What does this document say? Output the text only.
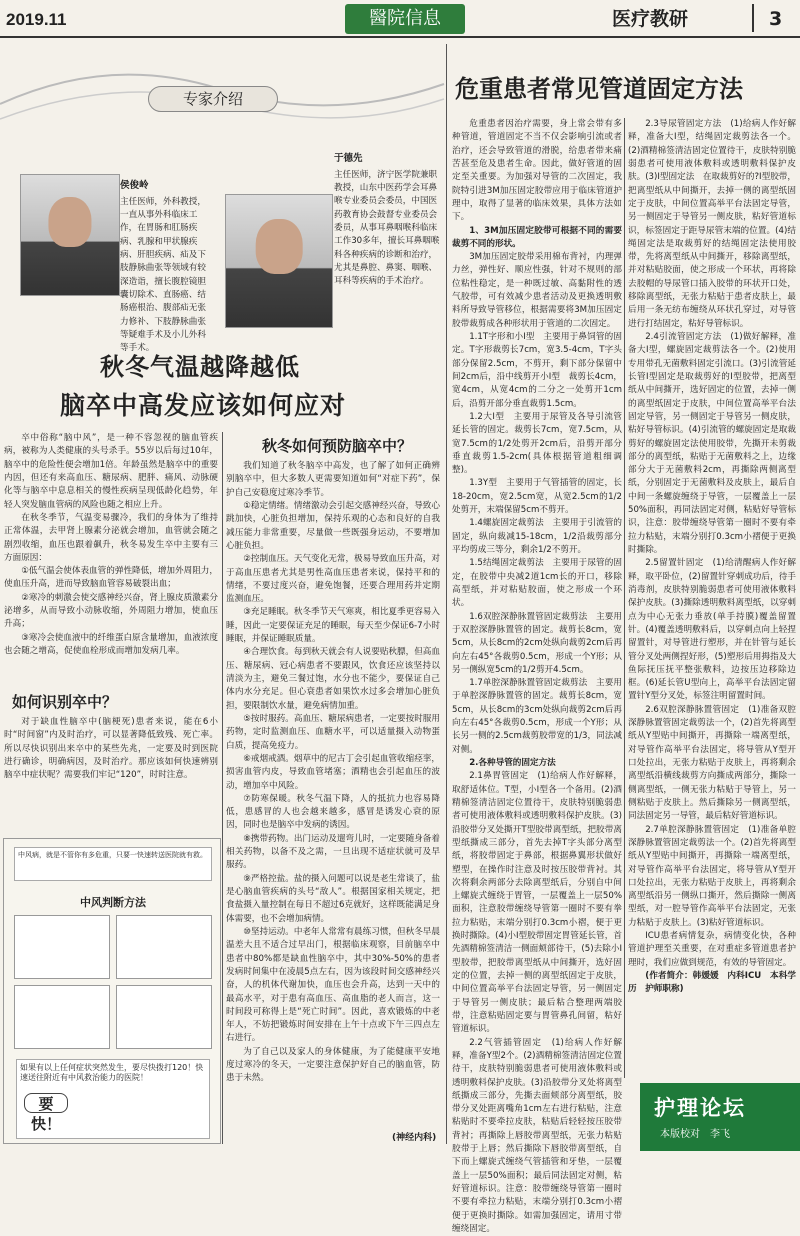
2019.11	醫院信息	医疗教研	3
专家介绍
侯俊岭
主任医师，外科教授，一直从事外科临床工作，在胃肠和肛肠疾病、乳腺和甲状腺疾病、肝胆疾病、疝及下肢静脉曲张等领域有较深造诣，擅长腹腔镜胆囊切除术、直肠癌、结肠癌根治、腹部疝无张力修补、下肢静脉曲张等疑难手术及小儿外科等手术。
于德先
主任医师，济宁医学院兼职教授，山东中医药学会耳鼻喉专业委员会委员，中国医药教育协会鼓督专业委员会委员，从事耳鼻咽喉科临床工作30多年，擅长耳鼻咽喉科各种疾病的诊断和治疗，尤其是鼻腔、鼻窦、咽喉、耳科等疾病的手术治疗。
秋冬气温越降越低
脑卒中高发应该如何应对

卒中俗称“脑中风”，是一种不容忽视的脑血管疾病，被称为人类健康的头号杀手。55岁以后每过10年，脑卒中的危险性便会增加1倍。年龄虽然是脑卒中的重要内因，但还有来高血压、糖尿病、肥胖、痛风、动脉硬化等与脑卒中息息相关的慢性疾病呈现低龄化趋势，年轻人突发脑血管病的风险也随之相应上升。

在秋冬季节，气温变易骤冷，我们的身体为了维持正常体温，去甲肾上腺素分泌就会增加，血管就会随之剧烈收缩，血压也跟着飙升，秋冬易发生卒中主要有三方面原因：

①低气温会使体表血管的弹性降低，增加外周阻力，使血压升高，进而导致脑血管容易破裂出血；

②寒冷的刺激会使交感神经兴奋，肾上腺皮质激素分泌增多，从而导致小动脉收缩，外周阻力增加，使血压升高；

③寒冷会使血液中的纤维蛋白原含量增加，血液浓度也会随之增高，促使血栓形成而增加发病几率。

如何识别卒中？

对于缺血性脑卒中(脑梗死)患者来说，能在6小时“时间窗”内及时治疗，可以显著降低致残、死亡率。所以尽快识别出来卒中的某些先兆，一定要及时到医院进行确诊，明确病因，及时治疗。那应该如何快速辨别脑卒中症状呢？需要我们牢记“120”，时时注意。

中风病，就是不管你有多危重，只要一快速转送医院就有救。
中风判断方法
如果有以上任何症状突然发生，要尽快拨打120！快速送往附近有中风救治能力的医院！
要快！
秋冬如何预防脑卒中？

我们知道了秋冬脑卒中高发，也了解了如何正确辨别脑卒中，但大多数人更需要知道如何“对症下药”，保护自己安稳度过寒冷季节。

①稳定情绪。情绪激动会引起交感神经兴奋，导致心跳加快，心脏负担增加，保持乐观的心态和良好的自我减压能力非常重要，尽量做一些既强身运动，不要增加心脏负担。

②控制血压。天气变化无常，极易导致血压升高，对于高血压患者尤其是男性高血压患者来说，保持平和的情绪，不要过度兴奋，避免饱餐，还要合理用药并定期监测血压。

③充足睡眠。秋冬季节天气寒爽，相比夏季更容易入睡，因此一定要保证充足的睡眠，每天至少保证6-7小时睡眠，并保证睡眠质量。

④合理饮食。每到秋天就会有人说要贴秋膘，但高血压、糖尿病、冠心病患者不要跟风，饮食还应该坚持以清淡为主，避免三餐过饱，水分也不能少，要保证自己体内水分充足。但心衰患者如果饮水过多会增加心脏负担，要限制饮水量，避免病情加重。

⑤按时服药。高血压、糖尿病患者，一定要按时服用药物，定时监测血压、血糖水平，可以适量摄入动物蛋白质，提高免疫力。

⑥戒烟戒酒。烟草中的尼古丁会引起血管收缩痉挛，损害血管内皮，导致血管堵塞；酒精也会引起血压的波动，增加卒中风险。

⑦防寒保暖。秋冬气温下降，人的抵抗力也容易降低，患感冒的人也会越来越多，感冒是诱发心衰的原因，同时也是脑卒中发病的诱因。

⑧携带药物。出门运动及遛弯儿时，一定要随身备着相关药物，以备不及之需，一旦出现不适症状就可及早服药。

⑨严格控盐。盐的摄入问题可以说是老生常谈了，盐是心脑血管疾病的头号“敌人”。根据国家相关规定，把食盐摄入量控制在每日不超过6克就好，这样既能满足身体需要，也不会增加病情。

⑩坚持运动。中老年人常常有晨练习惯，但秋冬早晨温差大且不适合过早出门，根据临床观察，目前脑卒中患者中80%都是缺血性脑卒中，其中30%-50%的患者发病时间集中在凌晨5点左右，因为该段时间交感神经兴奋，人的机体代谢加快，血压也会升高，达到一天中的最高水平，对于患有高血压、高血脂的老人而言，这一时间段可称得上是“死亡时间”。因此，喜欢锻炼的中老年人，不妨把锻炼时间安排在上午十点或下午三四点左右进行。

为了自己以及家人的身体健康，为了能健康平安地度过寒冷的冬天，一定要注意保护好自己的脑血管，防患于未然。

(神经内科)
危重患者常见管道固定方法

危重患者因治疗需要，身上常会带有多种管道，管道固定不当不仅会影响引流或者治疗，还会导致管道的滑脱，给患者带来痛苦甚至危及患者生命。因此，做好管道的固定至关重要。为加强对导管的二次固定，我院特引进3M加压固定胶带应用于临床管道护理中，取得了显著的临床效果，具体方法如下。

1、3M加压固定胶带可根据不同的需要裁剪不同的形状。

3M加压固定胶带采用棉布背衬，内理弹力丝，弹性好、顺应性强，针对不规则的部位粘性稳定，是一种既过敏、高黏附性的透气胶带，可有效减少患者活动及更换透明敷料所导致导管移位，根据需要将3M加压固定胶带裁剪成各种形状用于管道的二次固定。

1.1T字形和小I型　主要用于鼻饲管的固定。T字形裁剪长7cm，宽3.5-4cm，T字头部分保留2.5cm，不剪开，剩下部分保留中间2cm后，沿中线剪开小I型　裁剪长4cm，宽4cm，从宽4cm的二分之一处剪开1cm后，沿剪开部分垂直裁剪1.5cm。

1.2大I型　主要用于尿管及各导引流管延长管的固定。裁剪长7cm，宽7.5cm，从宽7.5cm的1/2处剪开2cm后，沿剪开部分垂直裁剪1.5-2cm(具体根据管道粗细调整)。

1.3Y型　主要用于气管插管的固定，长18-20cm，宽2.5cm宽，从宽2.5cm的1/2处剪开，末端保留5cm不剪开。

1.4螺旋固定裁剪法　主要用于引流管的固定，纵向裁减15-18cm，1/2沿裁剪部分平均剪成三等分，剩余1/2不剪开。

1.5结绳固定裁剪法　主要用于尿管的固定，在胶带中央减2道1cm长的开口，移除高型纸，并对粘贴胶面，使之形成一个环状。

1.6双腔深静脉置管固定裁剪法　主要用于双腔深静脉置管的固定。裁剪长8cm，宽5cm，从长8cm的2cm处纵向裁剪2cm后再向左右45°各裁剪0.5cm，形成一个Y形；从另一侧纵宽5cm的1/2剪开4.5cm。

1.7单腔深静脉置管固定裁剪法　主要用于单腔深静脉置管的固定。裁剪长8cm，宽5cm，从长8cm的3cm处纵向裁剪2cm后再向左右45°各裁剪0.5cm，形成一个Y形；从长另一侧的2.5cm裁剪胶带宽的1/3，同法减对侧。

2.各种导管的固定方法

2.1鼻胃管固定　(1)给病人作好解释，取舒适体位。T型，小I型各一个备用。(2)酒精棉签清洁固定位置待干，皮肤特别脆弱患者可使用液体敷料或透明敷料保护皮肤。(3)沿胶带分叉处撕开T型胶带离型纸，把胶带离型纸撕成三部分，首先去掉T字头部分离型纸，将胶带固定于鼻部，根据鼻翼形状做好塑型，在操作时注意及时按压胶带背衬。其次将剩余两部分去除离型纸后，分别自中间上螺旋式缠绕于胃管，一层覆盖上一层50%面积，注意胶带缠绕导管第一圈时不要有拳拉力粘贴，末端分别打0.3cm小褶，便于更换时撕除。(4)小I型胶带固定胃管延长管，首先酒精棉签清洁一侧面颊部待干，(5)去除小I型胶带，把胶带离型纸从中间撕开，选好固定的位置，去掉一侧的离型纸固定于皮肤，中间位置高举平台法固定导管，另一侧固定于导管另一侧皮肤；最后粘合整理两端胶带，注意粘贴固定要与胃管鼻孔间留，粘好管道标识。

2.2气管插管固定　(1)给病人作好解释，准备Y型2个。(2)酒精棉签清洁固定位置待干，皮肤特别脆弱患者可使用液体敷料或透明敷料保护皮肤。(3)沿胶带分叉处将离型纸撕成三部分，先撕去面颊部分离型纸，胶带分叉处距离嘴角1cm左右进行粘贴，注意粘贴时不要牵拉皮肤，粘贴后轻轻按压胶带背衬；再撕除上唇胶带离型纸，无张力粘贴胶带于上唇；然后撕除下唇胶带离型纸，自下而上螺旋式缠绕气管插管和牙垫，一层覆盖上一层50%面积；最后同法固定对侧，粘好管道标识。注意：胶带缠绕导管第一圈时不要有牵拉力粘贴，末端分别打0.3cm小褶便于更换时撕除。如需加强固定，请用寸带缠绕固定。

2.3导尿管固定方法　(1)给病人作好解释，准备大Ⅰ型，结绳固定裁剪法各一个。(2)酒精棉签清洁固定位置待干，皮肤特别脆弱患者可使用液体敷料或透明敷料保护皮肤。(3)Ⅰ型固定法　在取裁剪好的?I型胶带，把离型纸从中间撕开，去掉一侧的离型纸固定于皮肤，中间位置高举平台法固定导管，另一侧固定于导管另一侧皮肤，粘好管道标识，标签固定于距导尿管末端的位置。(4)结绳固定法是取裁剪好的结绳固定法使用胶带，先将离型纸从中间撕开，移除离型纸，并对粘贴胶面，使之形成一个环状，再将除去胶帽的导尿管口插入胶带的环状开口处，移除离型纸，无张力粘贴于患者皮肤上，最后用一条无纺布缠绕从环状孔穿过，对导管进行打结固定，粘好导管标识。

2.4引流管固定方法　(1)做好解释，准备大Ⅰ型，螺旋固定裁剪法各一个。(2)使用专用带孔无菌敷料固定引流口。(3)引流管延长管Ⅰ型固定是取裁剪好的Ⅰ型胶带，把离型纸从中间撕开，选好固定的位置，去掉一侧的离型纸固定于皮肤，中间位置高举平台法固定导管，另一侧固定于导管另一侧皮肤，粘好导管标识。(4)引流管的螺旋固定是取裁剪好的螺旋固定法使用胶带，先撕开未剪裁部分的离型纸，粘贴于无菌敷料之上，边缘部分大于无菌敷料2cm，再撕除两侧离型纸，分别固定于无菌敷料及皮肤上，最后自中间一条螺旋缠绕于导管，一层覆盖上一层50%面积，再同法固定对侧，粘贴好导管标识，注意：胶带缠绕导管第一圈时不要有牵拉力粘贴，末端分别打0.3cm小褶便于更换时撕除。

2.5留置针固定　(1)给清醒病人作好解释，取平卧位，(2)留置针穿刺成功后，待手消毒剂，皮肤特别脆弱患者可使用液体敷料保护皮肤。(3)撕除透明敷料离型纸，以穿刺点为中心无张力垂放(单手持膜)覆盖留置针。(4)覆盖透明敷料后，以穿刺点向上轻捏留置针，对导管进行塑形，并在针管与延长管分叉处两侧捏好形，(5)塑形后用拇指及大鱼际抚压抚平整张敷料，边按压边移除边框。(6)延长管U型向上，高举平台法固定留置针Y型分叉处，标签注明留置时间。

2.6双腔深静脉置管固定　(1)准备双腔深静脉置管固定裁剪法一个，(2)首先将离型纸从Y型贴中间撕开，再撕除一端离型纸，对导管作高举平台法固定，将导管从Y型开口处拉出，无张力粘贴于皮肤上，再将剩余离型纸沿横线裁剪方向撕成两部分，撕除一侧离型纸，一侧无张力粘贴于导管上，另一侧粘贴于皮肤上。然后撕除另一侧离型纸，同法固定另一导管，最后粘好管道标识。

2.7单腔深静脉置管固定　(1)准备单腔深静脉置管固定裁剪法一个。(2)首先将离型纸从Y型贴中间撕开，再撕除一端离型纸，对导管作高举平台法固定，将导管从Y型开口处拉出，无张力粘贴于皮肤上，再将剩余离型纸沿另一侧纵口撕开，然后撕除一侧离型纸，对一腔导管作高举平台法固定，无张力粘贴于皮肤上。(3)粘好管道标识。

ICU患者病情复杂，病情变化快，各种管道护理至关重要，在对重症多管道患者护理时，我们应做到规范，有效的导管固定。

(作者简介：韩媛媛　内科ICU　本科学历　护师职称)

护理论坛
本版校对　李飞
